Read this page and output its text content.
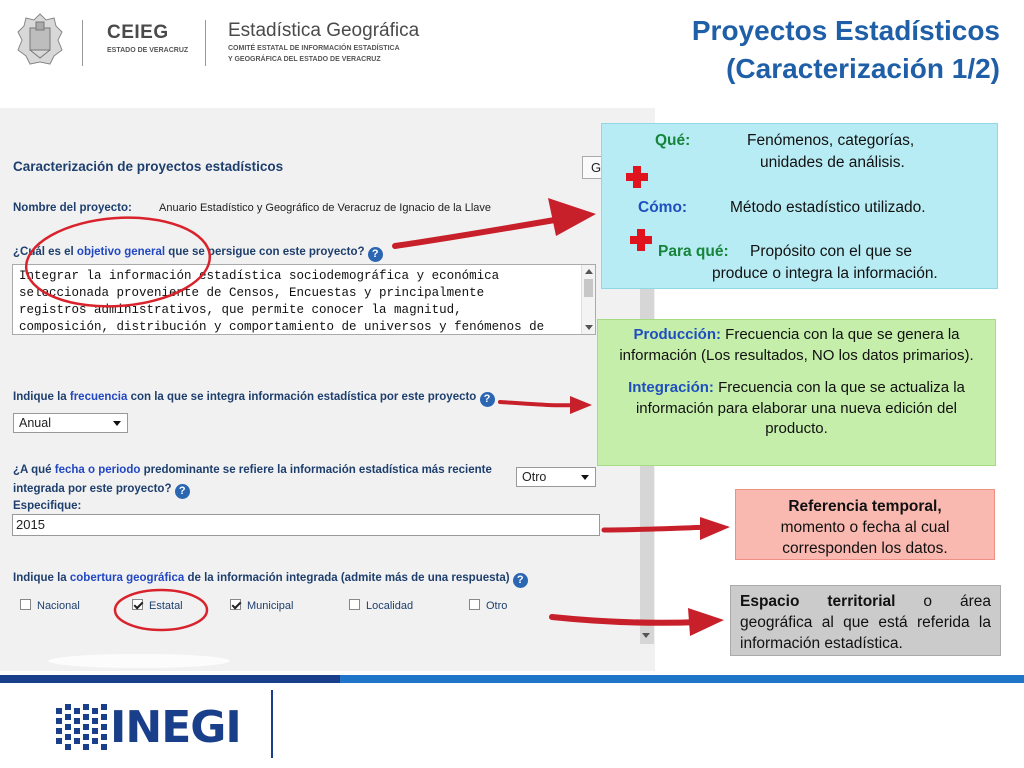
CEIEG
ESTADO DE VERACRUZ
Estadística Geográfica
COMITÉ ESTATAL DE INFORMACIÓN ESTADÍSTICA
Y GEOGRÁFICA DEL ESTADO DE VERACRUZ
Proyectos Estadísticos
(Caracterización 1/2)
Caracterización de proyectos estadísticos	G
Nombre del proyecto: Anuario Estadístico y Geográfico de Veracruz de Ignacio de la Llave
¿Cuál es el objetivo general que se persigue con este proyecto? ?
Integrar la información estadística sociodemográfica y económica
seleccionada proveniente de Censos, Encuestas y principalmente
registros administrativos, que permite conocer la magnitud,
composición, distribución y comportamiento de universos y fenómenos de
Indique la frecuencia con la que se integra información estadística por este proyecto ?
Anual
¿A qué fecha o periodo predominante se refiere la información estadística más reciente
integrada por este proyecto? ?
Otro
Especifique:
2015
Indique la cobertura geográfica de la información integrada (admite más de una respuesta) ?
Nacional	Estatal	Municipal	Localidad	Otro
Qué:	Fenómenos, categorías,
unidades de análisis.
Cómo:	Método estadístico utilizado.
Para qué: Propósito con el que se
produce o integra la información.
Producción: Frecuencia con la que se genera la información (Los resultados, NO los datos primarios).
Integración: Frecuencia con la que se actualiza la información para elaborar una nueva edición del producto.
Referencia temporal,
momento o fecha al cual corresponden los datos.
Espacio territorial o área geográfica al que está referida la información estadística.
INEGI
